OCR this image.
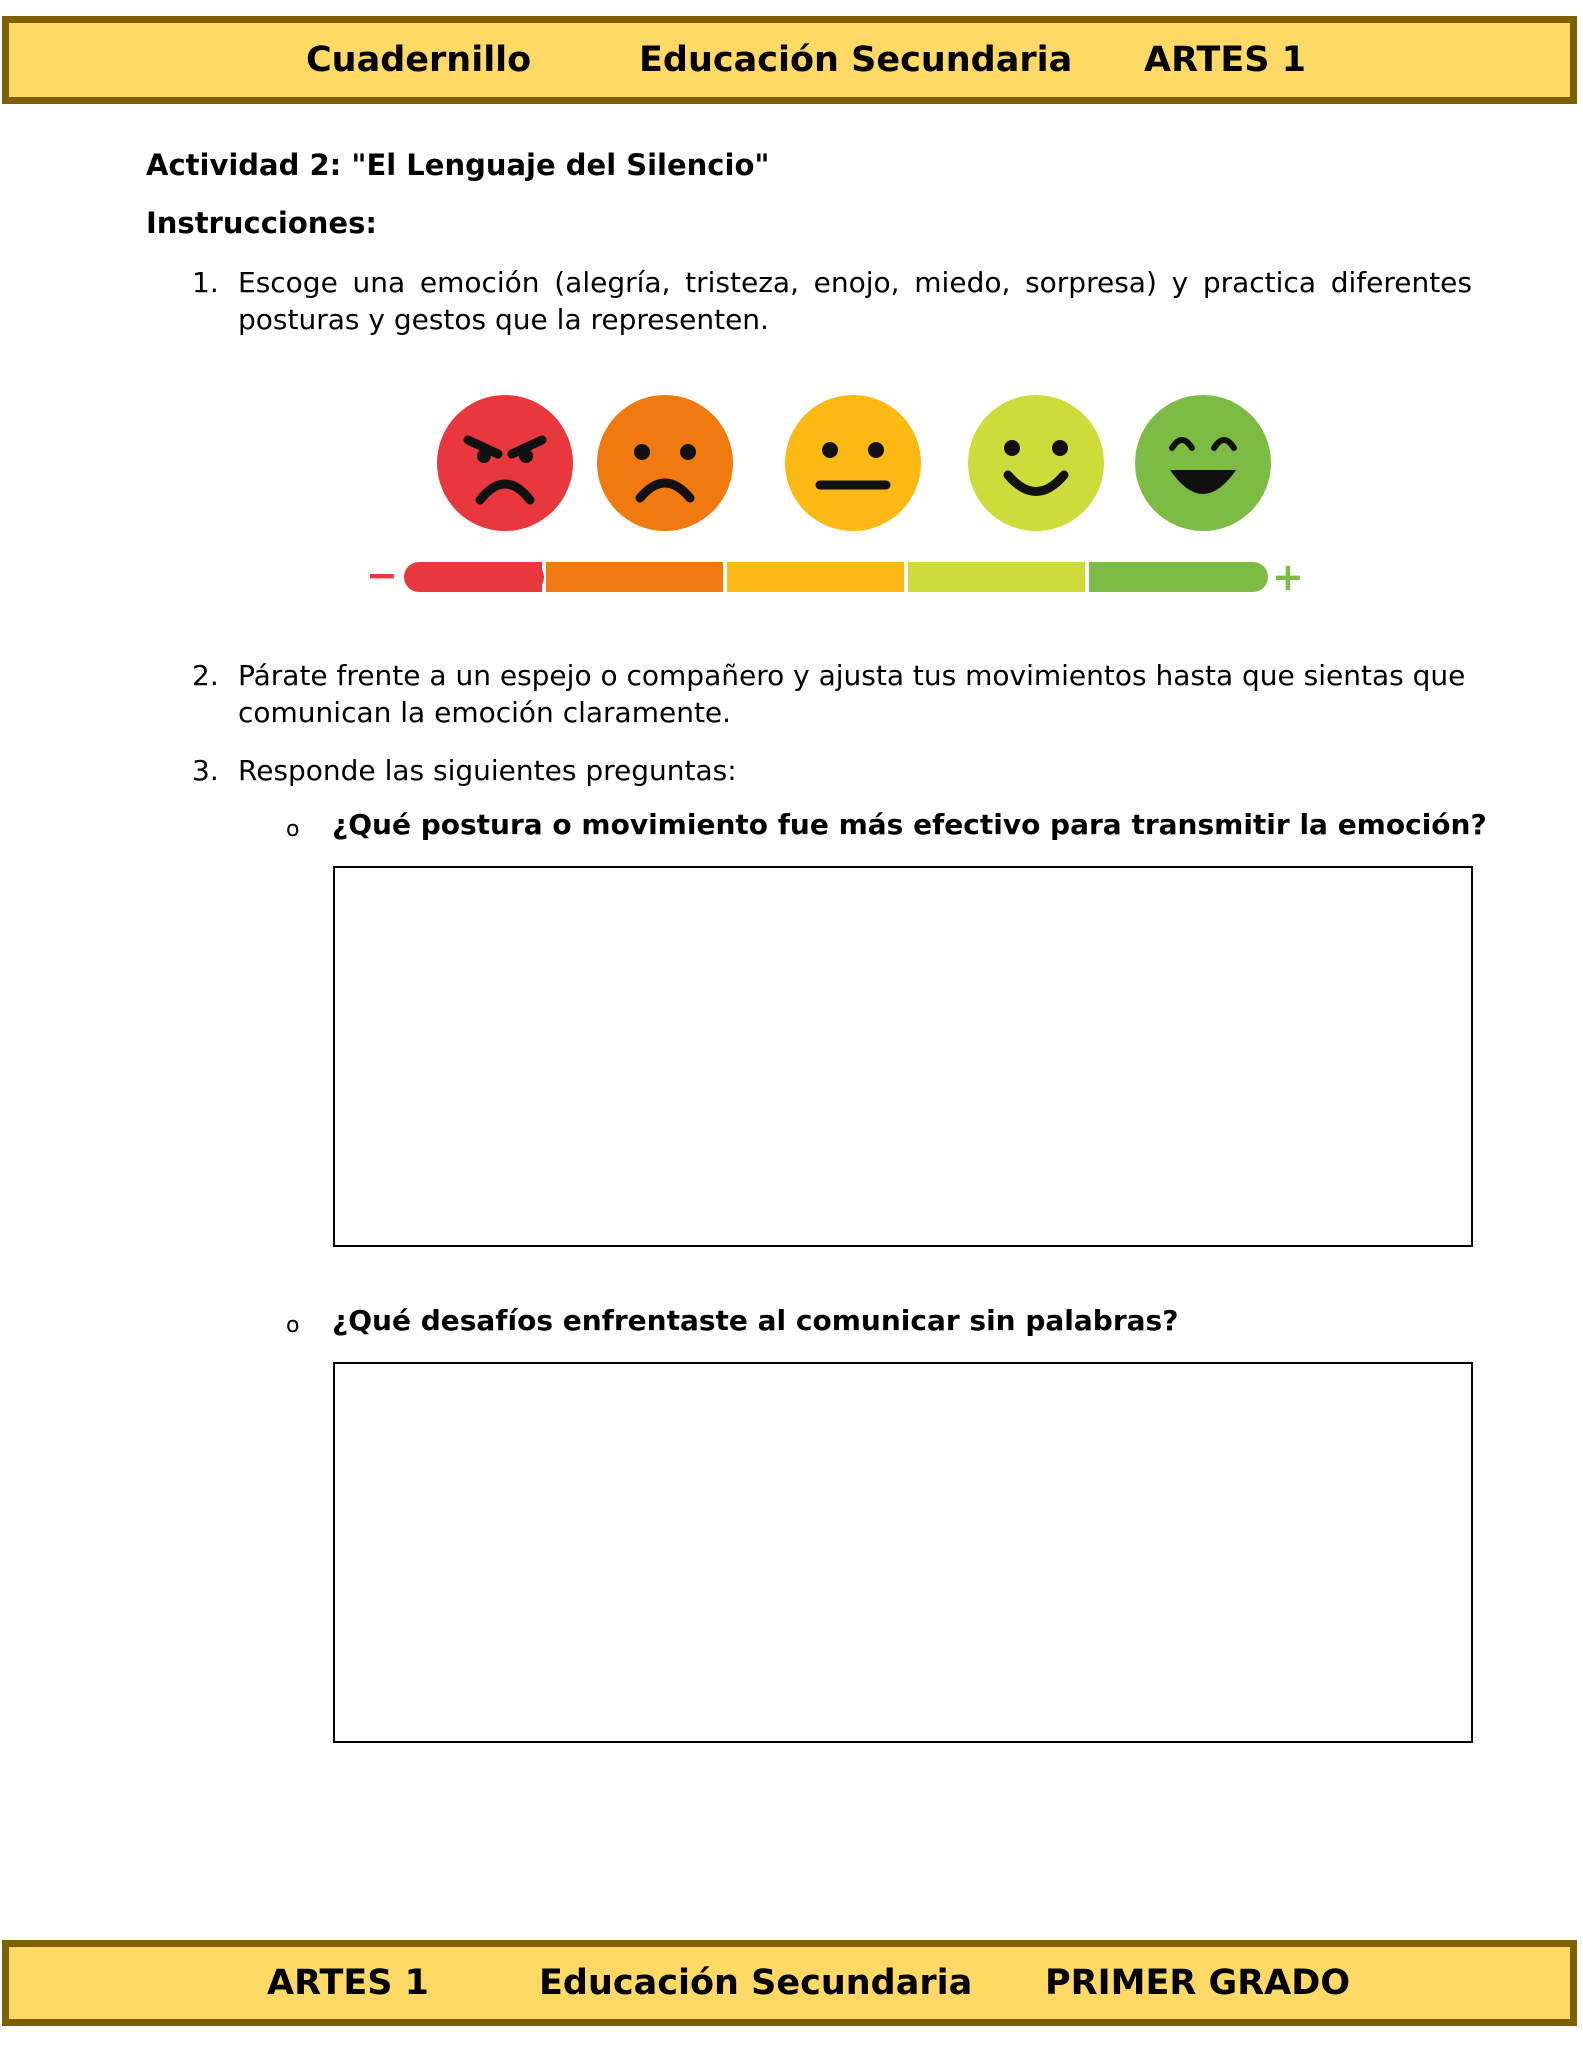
Cuadernillo	Educación Secundaria ARTES 1
Actividad 2: "El Lenguaje del Silencio"
Instrucciones:
1. Escoge una emoción (alegría, tristeza, enojo, miedo, sorpresa) y practica diferentes posturas y gestos que la representen.
−	+
2. Párate frente a un espejo o compañero y ajusta tus movimientos hasta que sientas que comunican la emoción claramente.
3. Responde las siguientes preguntas:
o ¿Qué postura o movimiento fue más efectivo para transmitir la emoción?
o ¿Qué desafíos enfrentaste al comunicar sin palabras?
ARTES 1	Educación Secundaria PRIMER GRADO
